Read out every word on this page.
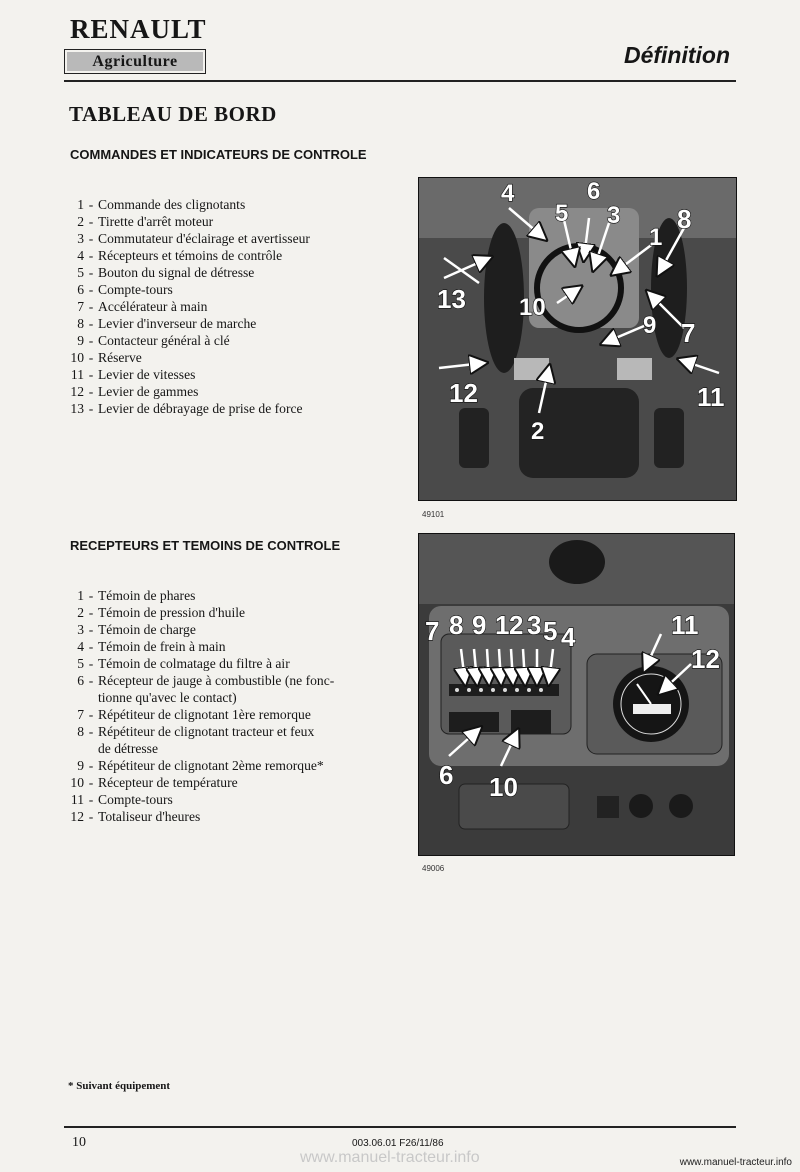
RENAULT
Agriculture	Définition
TABLEAU DE BORD
COMMANDES ET INDICATEURS DE CONTROLE
1 - Commande des clignotants
2 - Tirette d'arrêt moteur
3 - Commutateur d'éclairage et avertisseur
4 - Récepteurs et témoins de contrôle
5 - Bouton du signal de détresse
6 - Compte-tours
7 - Accélérateur à main
8 - Levier d'inverseur de marche
9 - Contacteur général à clé
10 - Réserve
11 - Levier de vitesses
12 - Levier de gammes
13 - Levier de débrayage de prise de force
4	6
5 3 8
1
13 10
9 7
12	11
2
49101
RECEPTEURS ET TEMOINS DE CONTROLE
1 - Témoin de phares
2 - Témoin de pression d'huile
3 - Témoin de charge
4 - Témoin de frein à main
5 - Témoin de colmatage du filtre à air
6 - Récepteur de jauge à combustible (ne fonc-
tionne qu'avec le contact)
7 - Répétiteur de clignotant 1ère remorque
8 - Répétiteur de clignotant tracteur et feux
de détresse
9 - Répétiteur de clignotant 2ème remorque*
10 - Récepteur de température
11 - Compte-tours
12 - Totaliseur d'heures
7 8 9 1 2 3 5 4	11
12
6 10
49006
* Suivant équipement
10	003.06.01 F26/11/86
www.manuel-tracteur.info	www.manuel-tracteur.info
